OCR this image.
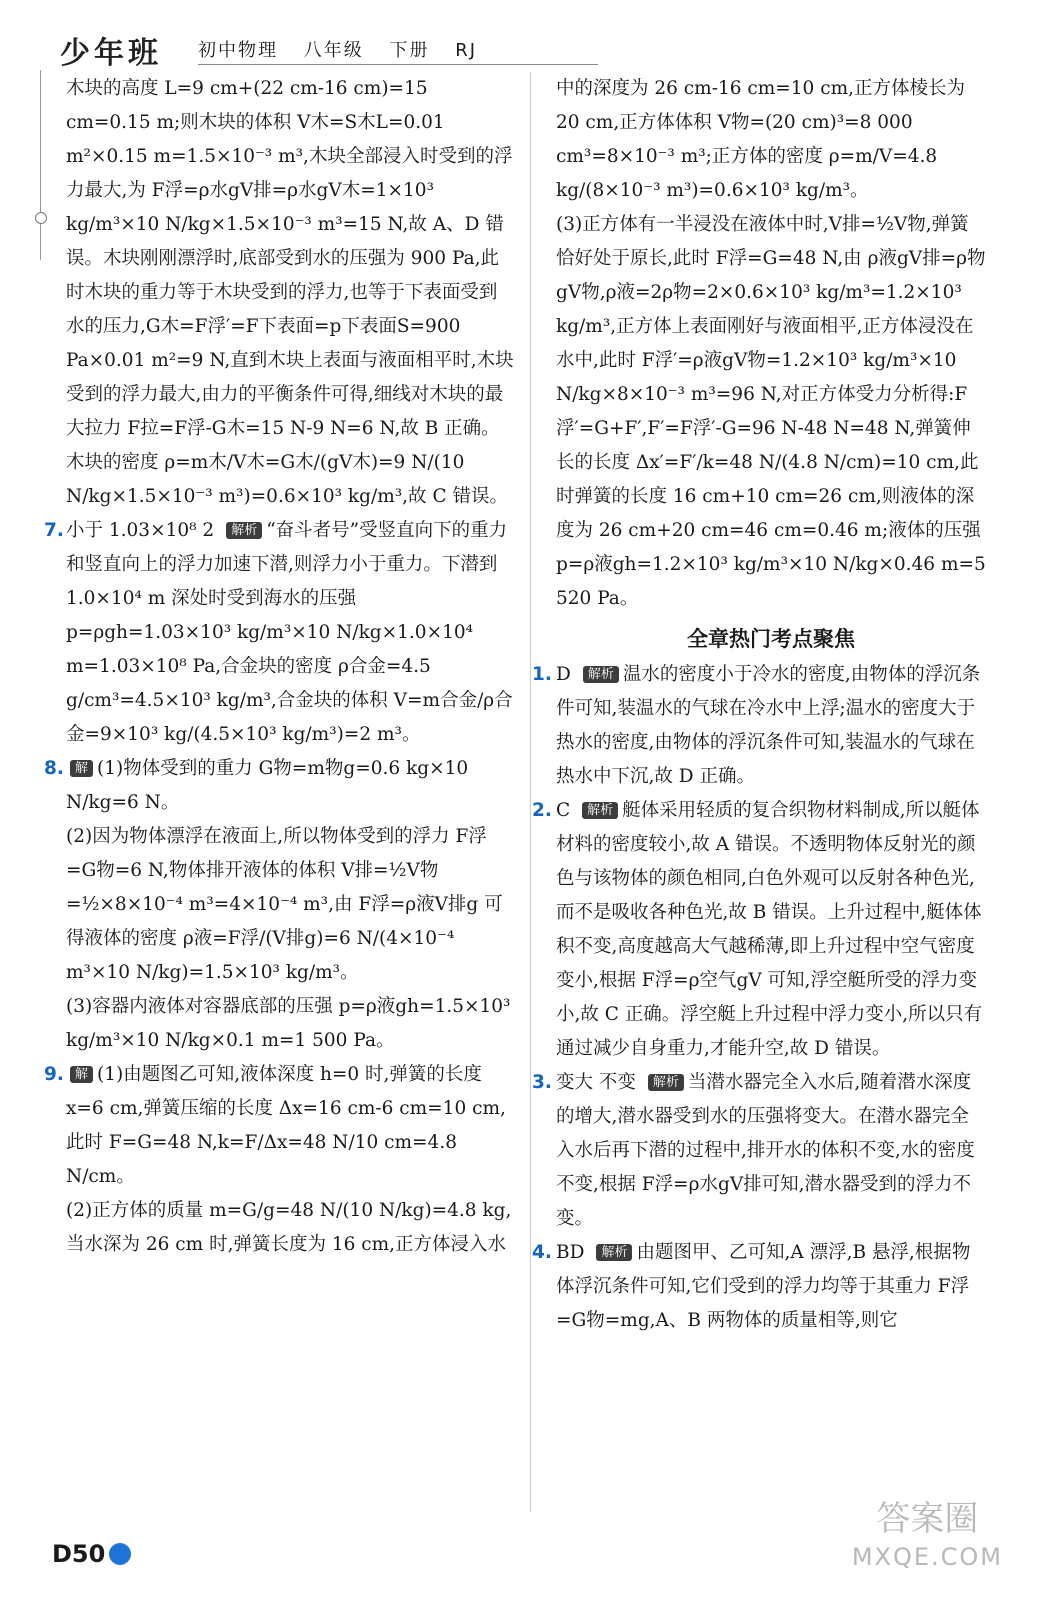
少年班 初中物理 八年级 下册 RJ

木块的高度 L=9 cm+(22 cm-16 cm)=15 cm=0.15 m;则木块的体积 V木=S木L=0.01 m²×0.15 m=1.5×10⁻³ m³,木块全部浸入时受到的浮力最大,为 F浮=ρ水gV排=ρ水gV木=1×10³ kg/m³×10 N/kg×1.5×10⁻³ m³=15 N,故 A、D 错误。木块刚刚漂浮时,底部受到水的压强为 900 Pa,此时木块的重力等于木块受到的浮力,也等于下表面受到水的压力,G木=F浮′=F下表面=p下表面S=900 Pa×0.01 m²=9 N,直到木块上表面与液面相平时,木块受到的浮力最大,由力的平衡条件可得,细线对木块的最大拉力 F拉=F浮-G木=15 N-9 N=6 N,故 B 正确。木块的密度 ρ=m木/V木=G木/(gV木)=9 N/(10 N/kg×1.5×10⁻³ m³)=0.6×10³ kg/m³,故 C 错误。

7. 小于 1.03×10⁸ 2 解析 “奋斗者号”受竖直向下的重力和竖直向上的浮力加速下潜,则浮力小于重力。下潜到 1.0×10⁴ m 深处时受到海水的压强 p=ρgh=1.03×10³ kg/m³×10 N/kg×1.0×10⁴ m=1.03×10⁸ Pa,合金块的密度 ρ合金=4.5 g/cm³=4.5×10³ kg/m³,合金块的体积 V=m合金/ρ合金=9×10³ kg/(4.5×10³ kg/m³)=2 m³。

8. 解 (1)物体受到的重力 G物=m物g=0.6 kg×10 N/kg=6 N。

(2)因为物体漂浮在液面上,所以物体受到的浮力 F浮=G物=6 N,物体排开液体的体积 V排=½V物=½×8×10⁻⁴ m³=4×10⁻⁴ m³,由 F浮=ρ液V排g 可得液体的密度 ρ液=F浮/(V排g)=6 N/(4×10⁻⁴ m³×10 N/kg)=1.5×10³ kg/m³。

(3)容器内液体对容器底部的压强 p=ρ液gh=1.5×10³ kg/m³×10 N/kg×0.1 m=1 500 Pa。

9. 解 (1)由题图乙可知,液体深度 h=0 时,弹簧的长度 x=6 cm,弹簧压缩的长度 Δx=16 cm-6 cm=10 cm,此时 F=G=48 N,k=F/Δx=48 N/10 cm=4.8 N/cm。

(2)正方体的质量 m=G/g=48 N/(10 N/kg)=4.8 kg,当水深为 26 cm 时,弹簧长度为 16 cm,正方体浸入水

中的深度为 26 cm-16 cm=10 cm,正方体棱长为 20 cm,正方体体积 V物=(20 cm)³=8 000 cm³=8×10⁻³ m³;正方体的密度 ρ=m/V=4.8 kg/(8×10⁻³ m³)=0.6×10³ kg/m³。

(3)正方体有一半浸没在液体中时,V排=½V物,弹簧恰好处于原长,此时 F浮=G=48 N,由 ρ液gV排=ρ物gV物,ρ液=2ρ物=2×0.6×10³ kg/m³=1.2×10³ kg/m³,正方体上表面刚好与液面相平,正方体浸没在水中,此时 F浮′=ρ液gV物=1.2×10³ kg/m³×10 N/kg×8×10⁻³ m³=96 N,对正方体受力分析得:F浮′=G+F′,F′=F浮′-G=96 N-48 N=48 N,弹簧伸长的长度 Δx′=F′/k=48 N/(4.8 N/cm)=10 cm,此时弹簧的长度 16 cm+10 cm=26 cm,则液体的深度为 26 cm+20 cm=46 cm=0.46 m;液体的压强 p=ρ液gh=1.2×10³ kg/m³×10 N/kg×0.46 m=5 520 Pa。

全章热门考点聚焦
1. D 解析 温水的密度小于冷水的密度,由物体的浮沉条件可知,装温水的气球在冷水中上浮;温水的密度大于热水的密度,由物体的浮沉条件可知,装温水的气球在热水中下沉,故 D 正确。

2. C 解析 艇体采用轻质的复合织物材料制成,所以艇体材料的密度较小,故 A 错误。不透明物体反射光的颜色与该物体的颜色相同,白色外观可以反射各种色光,而不是吸收各种色光,故 B 错误。上升过程中,艇体体积不变,高度越高大气越稀薄,即上升过程中空气密度变小,根据 F浮=ρ空气gV 可知,浮空艇所受的浮力变小,故 C 正确。浮空艇上升过程中浮力变小,所以只有通过减少自身重力,才能升空,故 D 错误。

3. 变大 不变 解析 当潜水器完全入水后,随着潜水深度的增大,潜水器受到水的压强将变大。在潜水器完全入水后再下潜的过程中,排开水的体积不变,水的密度不变,根据 F浮=ρ水gV排可知,潜水器受到的浮力不变。

4. BD 解析 由题图甲、乙可知,A 漂浮,B 悬浮,根据物体浮沉条件可知,它们受到的浮力均等于其重力 F浮=G物=mg,A、B 两物体的质量相等,则它

D50
答案圈
MXQE.COM
